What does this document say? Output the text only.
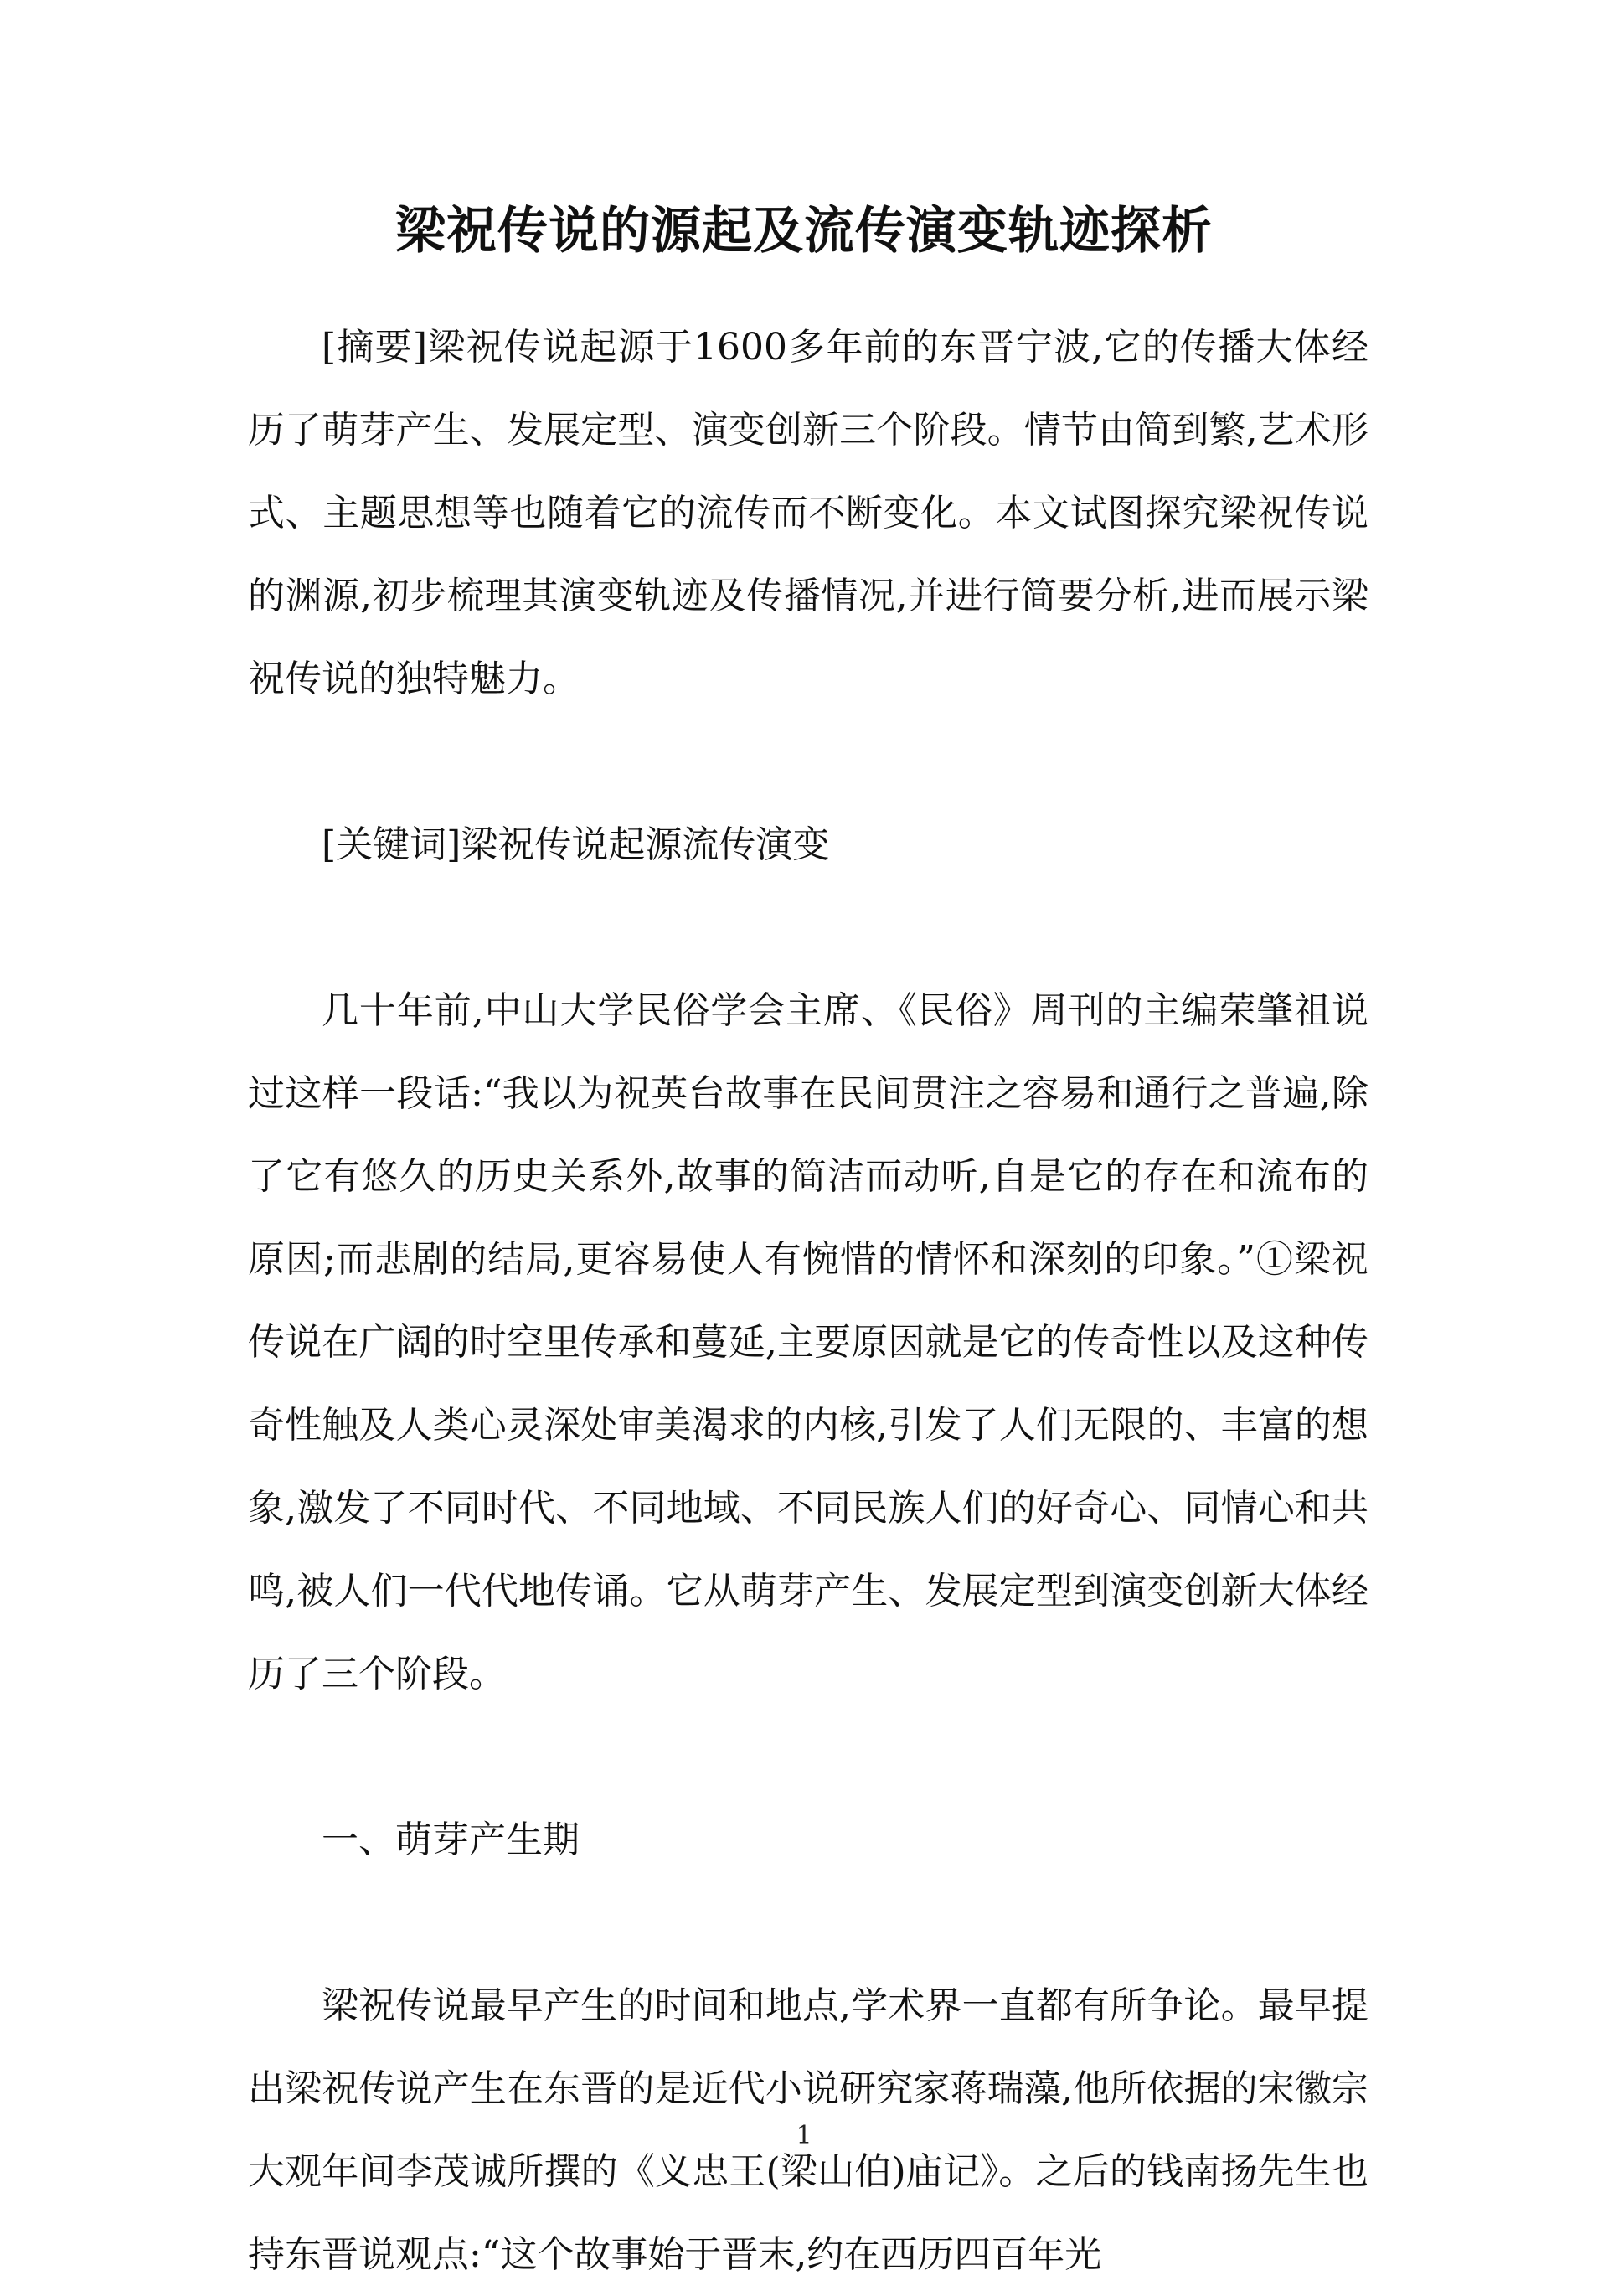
梁祝传说的源起及流传演变轨迹探析

[摘要]梁祝传说起源于1600多年前的东晋宁波,它的传播大体经历了萌芽产生、发展定型、演变创新三个阶段。情节由简到繁,艺术形式、主题思想等也随着它的流传而不断变化。本文试图探究梁祝传说的渊源,初步梳理其演变轨迹及传播情况,并进行简要分析,进而展示梁祝传说的独特魅力。

[关键词]梁祝传说起源流传演变

几十年前,中山大学民俗学会主席、《民俗》周刊的主编荣肇祖说过这样一段话:“我以为祝英台故事在民间贯注之容易和通行之普遍,除了它有悠久的历史关系外,故事的简洁而动听,自是它的存在和流布的原因;而悲剧的结局,更容易使人有惋惜的情怀和深刻的印象。”①梁祝传说在广阔的时空里传承和蔓延,主要原因就是它的传奇性以及这种传奇性触及人类心灵深处审美渴求的内核,引发了人们无限的、丰富的想象,激发了不同时代、不同地域、不同民族人们的好奇心、同情心和共鸣,被人们一代代地传诵。它从萌芽产生、发展定型到演变创新大体经历了三个阶段。

一、萌芽产生期

梁祝传说最早产生的时间和地点,学术界一直都有所争论。最早提出梁祝传说产生在东晋的是近代小说研究家蒋瑞藻,他所依据的宋徽宗大观年间李茂诚所撰的《义忠王(梁山伯)庙记》。之后的钱南扬先生也持东晋说观点:“这个故事始于晋末,约在西历四百年光

1
